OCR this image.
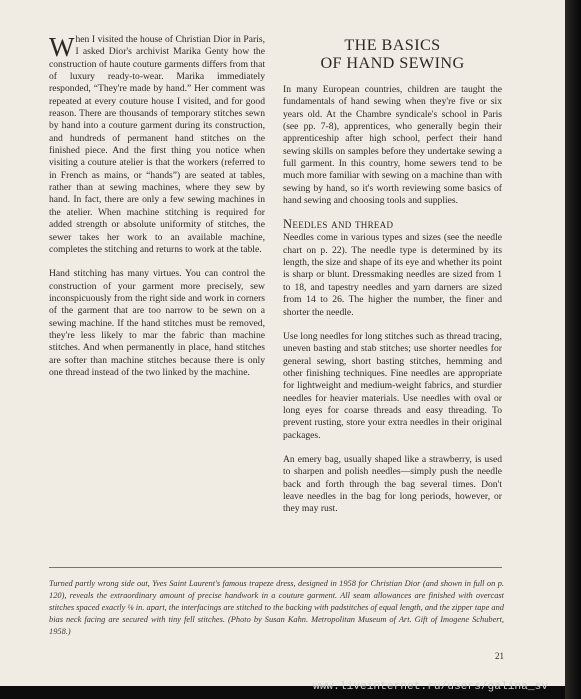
When I visited the house of Christian Dior in Paris, I asked Dior's archivist Marika Genty how the construction of haute couture garments differs from that of luxury ready-to-wear. Marika immediately responded, “They're made by hand.” Her comment was repeated at every couture house I visited, and for good reason. There are thousands of temporary stitches sewn by hand into a couture garment during its construction, and hundreds of permanent hand stitches on the finished piece. And the first thing you notice when visiting a couture atelier is that the workers (referred to in French as mains, or “hands”) are seated at tables, rather than at sewing machines, where they sew by hand. In fact, there are only a few sewing machines in the atelier. When machine stitching is required for added strength or absolute uniformity of stitches, the sewer takes her work to an available machine, completes the stitching and returns to work at the table.

Hand stitching has many virtues. You can control the construction of your garment more precisely, sew inconspicuously from the right side and work in corners of the garment that are too narrow to be sewn on a sewing machine. If the hand stitches must be removed, they're less likely to mar the fabric than machine stitches. And when permanently in place, hand stitches are softer than machine stitches because there is only one thread instead of the two linked by the machine.

THE BASICS
OF HAND SEWING

In many European countries, children are taught the fundamentals of hand sewing when they're five or six years old. At the Chambre syndicale's school in Paris (see pp. 7-8), apprentices, who generally begin their apprenticeship after high school, perfect their hand sewing skills on samples before they undertake sewing a full garment. In this country, home sewers tend to be much more familiar with sewing on a machine than with sewing by hand, so it's worth reviewing some basics of hand sewing and choosing tools and supplies.

Needles and thread

Needles come in various types and sizes (see the needle chart on p. 22). The needle type is determined by its length, the size and shape of its eye and whether its point is sharp or blunt. Dressmaking needles are sized from 1 to 18, and tapestry needles and yarn darners are sized from 14 to 26. The higher the number, the finer and shorter the needle.

Use long needles for long stitches such as thread tracing, uneven basting and stab stitches; use shorter needles for general sewing, short basting stitches, hemming and other finishing techniques. Fine needles are appropriate for lightweight and medium-weight fabrics, and sturdier needles for heavier materials. Use needles with oval or long eyes for coarse threads and easy threading. To prevent rusting, store your extra needles in their original packages.

An emery bag, usually shaped like a strawberry, is used to sharpen and polish needles—simply push the needle back and forth through the bag several times. Don't leave needles in the bag for long periods, however, or they may rust.

Turned partly wrong side out, Yves Saint Laurent's famous trapeze dress, designed in 1958 for Christian Dior (and shown in full on p. 120), reveals the extraordinary amount of precise handwork in a couture garment. All seam allowances are finished with overcast stitches spaced exactly ⅛ in. apart, the interfacings are stitched to the backing with padstitches of equal length, and the zipper tape and bias neck facing are secured with tiny fell stitches. (Photo by Susan Kahn. Metropolitan Museum of Art. Gift of Imogene Schubert, 1958.)
21
www.liveinternet.ru/users/galina_sv
